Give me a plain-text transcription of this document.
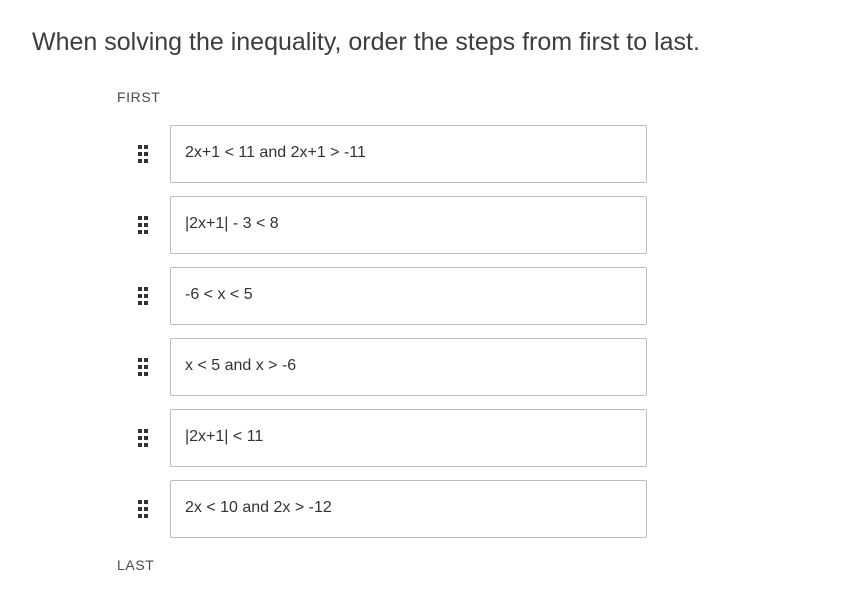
When solving the inequality, order the steps from first to last.
FIRST
2x+1 < 11 and 2x+1 > -11
|2x+1| - 3 < 8
-6 < x < 5
x < 5 and x > -6
|2x+1| < 11
2x < 10 and 2x > -12
LAST
